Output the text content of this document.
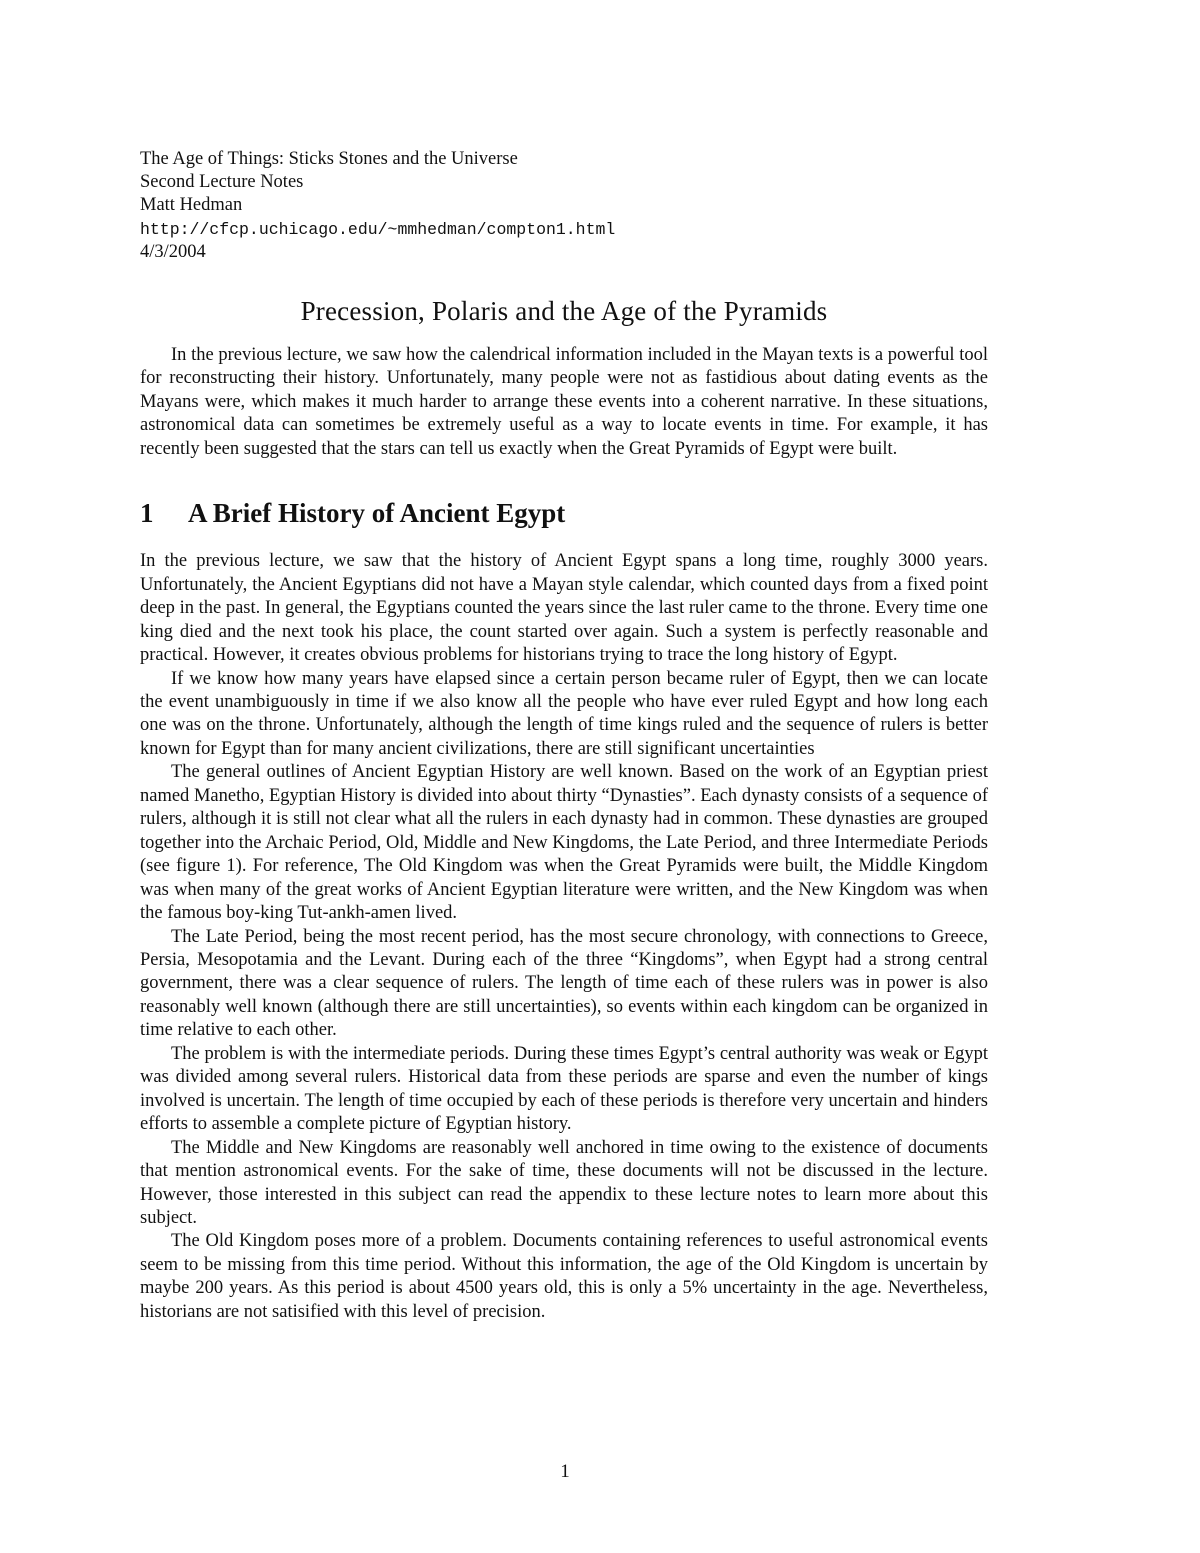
The Age of Things: Sticks Stones and the Universe
Second Lecture Notes
Matt Hedman
http://cfcp.uchicago.edu/~mmhedman/compton1.html
4/3/2004
Precession, Polaris and the Age of the Pyramids

In the previous lecture, we saw how the calendrical information included in the Mayan texts is a powerful tool for reconstructing their history. Unfortunately, many people were not as fastidious about dating events as the Mayans were, which makes it much harder to arrange these events into a coherent narrative. In these situations, astronomical data can sometimes be extremely useful as a way to locate events in time. For example, it has recently been suggested that the stars can tell us exactly when the Great Pyramids of Egypt were built.

1 A Brief History of Ancient Egypt

In the previous lecture, we saw that the history of Ancient Egypt spans a long time, roughly 3000 years. Unfortunately, the Ancient Egyptians did not have a Mayan style calendar, which counted days from a fixed point deep in the past. In general, the Egyptians counted the years since the last ruler came to the throne. Every time one king died and the next took his place, the count started over again. Such a system is perfectly reasonable and practical. However, it creates obvious problems for historians trying to trace the long history of Egypt.

If we know how many years have elapsed since a certain person became ruler of Egypt, then we can locate the event unambiguously in time if we also know all the people who have ever ruled Egypt and how long each one was on the throne. Unfortunately, although the length of time kings ruled and the sequence of rulers is better known for Egypt than for many ancient civilizations, there are still significant uncertainties

The general outlines of Ancient Egyptian History are well known. Based on the work of an Egyptian priest named Manetho, Egyptian History is divided into about thirty “Dynasties”. Each dynasty consists of a sequence of rulers, although it is still not clear what all the rulers in each dynasty had in common. These dynasties are grouped together into the Archaic Period, Old, Middle and New Kingdoms, the Late Period, and three Intermediate Periods (see figure 1). For reference, The Old Kingdom was when the Great Pyramids were built, the Middle Kingdom was when many of the great works of Ancient Egyptian literature were written, and the New Kingdom was when the famous boy-king Tut-ankh-amen lived.

The Late Period, being the most recent period, has the most secure chronology, with connections to Greece, Persia, Mesopotamia and the Levant. During each of the three “Kingdoms”, when Egypt had a strong central government, there was a clear sequence of rulers. The length of time each of these rulers was in power is also reasonably well known (although there are still uncertainties), so events within each kingdom can be organized in time relative to each other.

The problem is with the intermediate periods. During these times Egypt’s central authority was weak or Egypt was divided among several rulers. Historical data from these periods are sparse and even the number of kings involved is uncertain. The length of time occupied by each of these periods is therefore very uncertain and hinders efforts to assemble a complete picture of Egyptian history.

The Middle and New Kingdoms are reasonably well anchored in time owing to the existence of documents that mention astronomical events. For the sake of time, these documents will not be discussed in the lecture. However, those interested in this subject can read the appendix to these lecture notes to learn more about this subject.

The Old Kingdom poses more of a problem. Documents containing references to useful astronomical events seem to be missing from this time period. Without this information, the age of the Old Kingdom is uncertain by maybe 200 years. As this period is about 4500 years old, this is only a 5% uncertainty in the age. Nevertheless, historians are not satisified with this level of precision.

1
